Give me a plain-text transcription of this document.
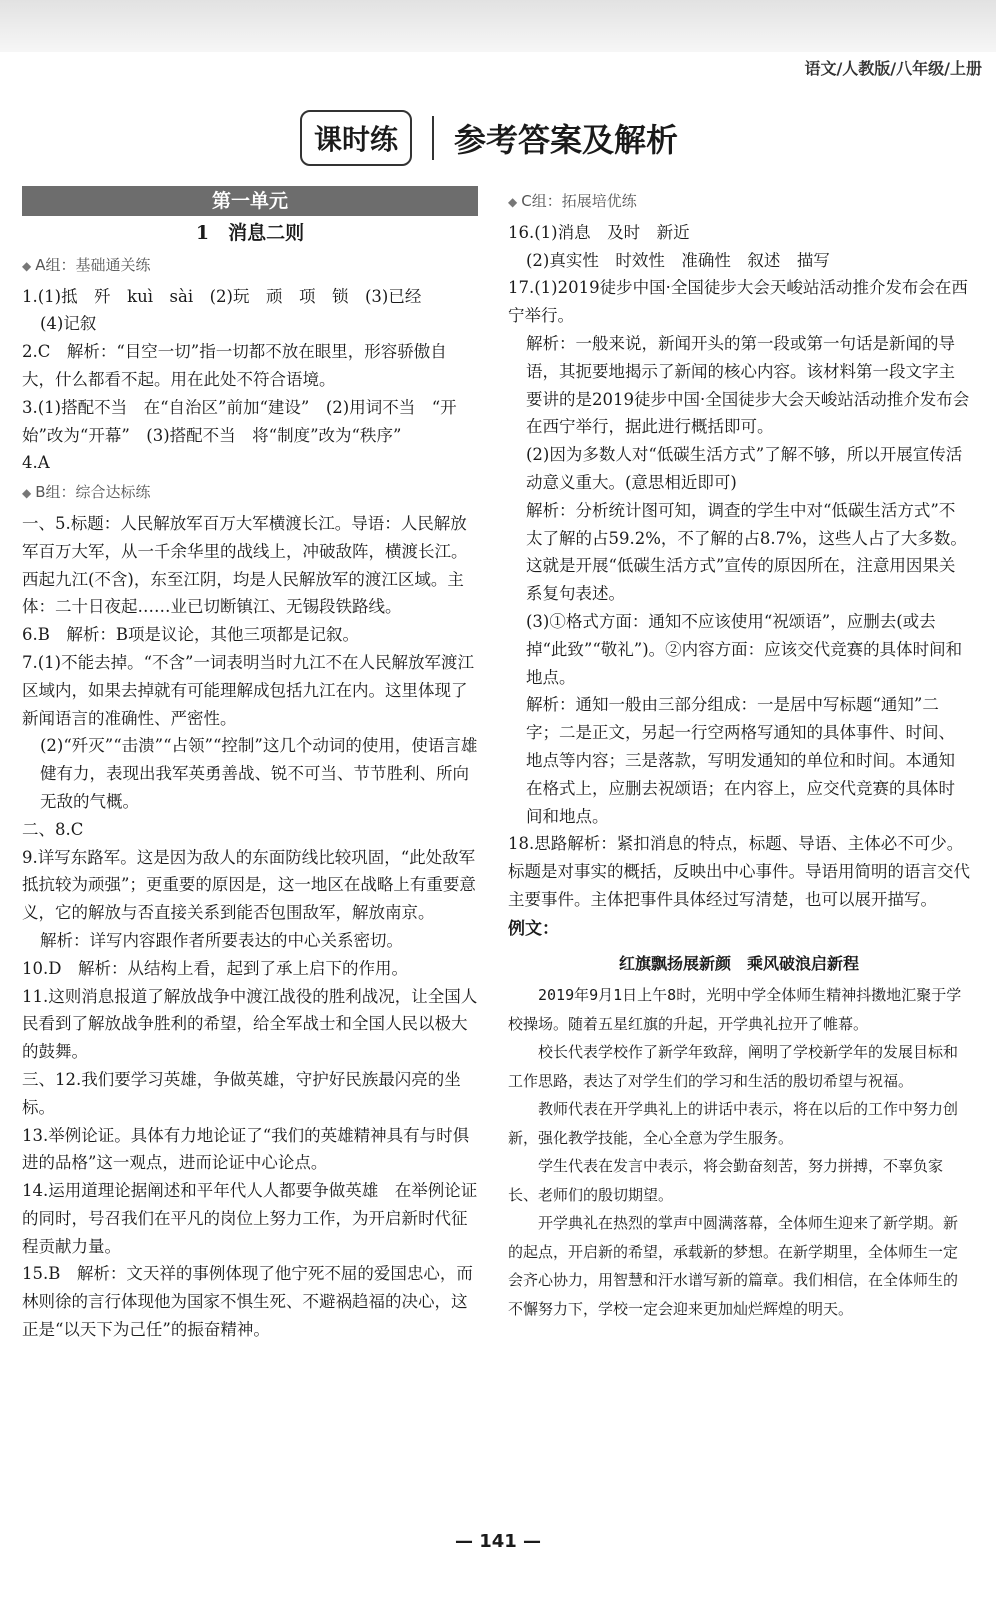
语文/人教版/八年级/上册
课时练	参考答案及解析
第一单元
1　消息二则
◆ A组：基础通关练

1.(1)抵　歼　kuì　sài　(2)玩　顽　项　锁　(3)已经

(4)记叙

2.C　解析：“目空一切”指一切都不放在眼里，形容骄傲自大，什么都看不起。用在此处不符合语境。

3.(1)搭配不当　在“自治区”前加“建设”　(2)用词不当　“开始”改为“开幕”　(3)搭配不当　将“制度”改为“秩序”

4.A

◆ B组：综合达标练

一、5.标题：人民解放军百万大军横渡长江。导语：人民解放军百万大军，从一千余华里的战线上，冲破敌阵，横渡长江。西起九江(不含)，东至江阴，均是人民解放军的渡江区域。主体：二十日夜起……业已切断镇江、无锡段铁路线。

6.B　解析：B项是议论，其他三项都是记叙。

7.(1)不能去掉。“不含”一词表明当时九江不在人民解放军渡江区域内，如果去掉就有可能理解成包括九江在内。这里体现了新闻语言的准确性、严密性。

(2)“歼灭”“击溃”“占领”“控制”这几个动词的使用，使语言雄健有力，表现出我军英勇善战、锐不可当、节节胜利、所向无敌的气概。

二、8.C

9.详写东路军。这是因为敌人的东面防线比较巩固，“此处敌军抵抗较为顽强”；更重要的原因是，这一地区在战略上有重要意义，它的解放与否直接关系到能否包围敌军，解放南京。

解析：详写内容跟作者所要表达的中心关系密切。

10.D　解析：从结构上看，起到了承上启下的作用。

11.这则消息报道了解放战争中渡江战役的胜利战况，让全国人民看到了解放战争胜利的希望，给全军战士和全国人民以极大的鼓舞。

三、12.我们要学习英雄，争做英雄，守护好民族最闪亮的坐标。

13.举例论证。具体有力地论证了“我们的英雄精神具有与时俱进的品格”这一观点，进而论证中心论点。

14.运用道理论据阐述和平年代人人都要争做英雄　在举例论证的同时，号召我们在平凡的岗位上努力工作，为开启新时代征程贡献力量。

15.B　解析：文天祥的事例体现了他宁死不屈的爱国忠心，而林则徐的言行体现他为国家不惧生死、不避祸趋福的决心，这正是“以天下为己任”的振奋精神。

◆ C组：拓展培优练

16.(1)消息　及时　新近

(2)真实性　时效性　准确性　叙述　描写

17.(1)2019徒步中国·全国徒步大会天峻站活动推介发布会在西宁举行。

解析：一般来说，新闻开头的第一段或第一句话是新闻的导语，其扼要地揭示了新闻的核心内容。该材料第一段文字主要讲的是2019徒步中国·全国徒步大会天峻站活动推介发布会在西宁举行，据此进行概括即可。

(2)因为多数人对“低碳生活方式”了解不够，所以开展宣传活动意义重大。(意思相近即可)

解析：分析统计图可知，调查的学生中对“低碳生活方式”不太了解的占59.2%，不了解的占8.7%，这些人占了大多数。这就是开展“低碳生活方式”宣传的原因所在，注意用因果关系复句表述。

(3)①格式方面：通知不应该使用“祝颂语”，应删去(或去掉“此致”“敬礼”)。②内容方面：应该交代竞赛的具体时间和地点。

解析：通知一般由三部分组成：一是居中写标题“通知”二字；二是正文，另起一行空两格写通知的具体事件、时间、地点等内容；三是落款，写明发通知的单位和时间。本通知在格式上，应删去祝颂语；在内容上，应交代竞赛的具体时间和地点。

18.思路解析：紧扣消息的特点，标题、导语、主体必不可少。标题是对事实的概括，反映出中心事件。导语用简明的语言交代主要事件。主体把事件具体经过写清楚，也可以展开描写。

例文：
红旗飘扬展新颜　乘风破浪启新程

2019年9月1日上午8时，光明中学全体师生精神抖擞地汇聚于学校操场。随着五星红旗的升起，开学典礼拉开了帷幕。

校长代表学校作了新学年致辞，阐明了学校新学年的发展目标和工作思路，表达了对学生们的学习和生活的殷切希望与祝福。

教师代表在开学典礼上的讲话中表示，将在以后的工作中努力创新，强化教学技能，全心全意为学生服务。

学生代表在发言中表示，将会勤奋刻苦，努力拼搏，不辜负家长、老师们的殷切期望。

开学典礼在热烈的掌声中圆满落幕，全体师生迎来了新学期。新的起点，开启新的希望，承载新的梦想。在新学期里，全体师生一定会齐心协力，用智慧和汗水谱写新的篇章。我们相信，在全体师生的不懈努力下，学校一定会迎来更加灿烂辉煌的明天。

— 141 —
